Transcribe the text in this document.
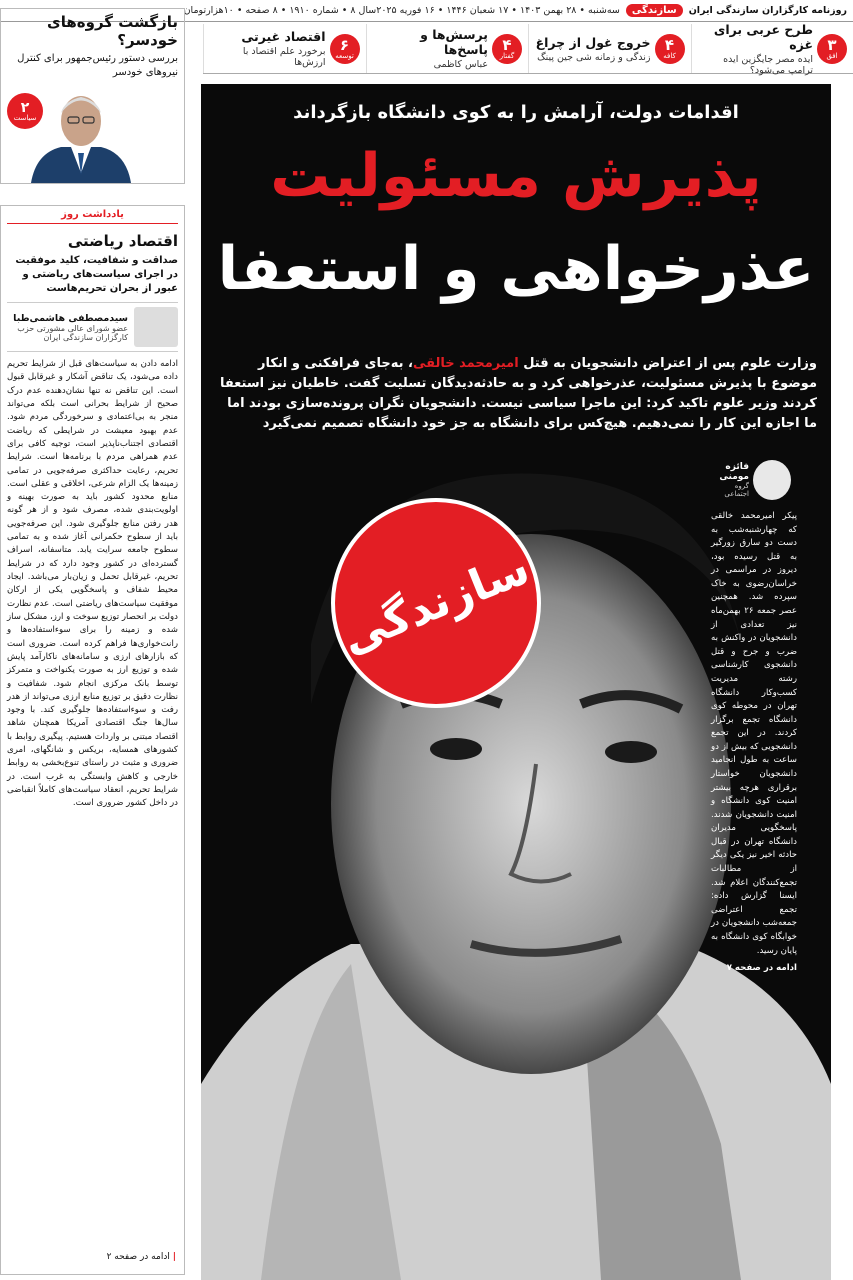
روزنامه کارگزاران سازندگی ایران
سازندگی
سه‌شنبه • ۲۸ بهمن ۱۴۰۳ • ۱۷ شعبان ۱۴۴۶ • ۱۶ فوریه ۲۰۲۵
سال ۸ • شماره ۱۹۱۰ • ۸ صفحه • ۱۰هزارتومان
۳
افق
طرح عربی برای غزه
ایده مصر جایگزین ایده ترامپ می‌شود؟
۴
کافه
خروج غول از چراغ
زندگی و زمانه شی جین پینگ
۴
گفتار
پرسش‌ها و پاسخ‌ها
عباس کاظمی
۶
توسعه
اقتصاد غیرتی
برخورد علم اقتصاد با ارزش‌ها
بازگشت گروه‌های خودسر؟

بررسی دستور رئیس‌جمهور برای کنترل نیروهای خودسر

۲
سیاست
یادداشت روز
اقتصاد ریاضتی
صداقت و شفافیت، کلید موفقیت در اجرای سیاست‌های ریاضتی و عبور از بحران تحریم‌هاست
سیدمصطفی هاشمی‌طبا
عضو شورای عالی مشورتی حزب کارگزاران سازندگی ایران
ادامه دادن به سیاست‌های قبل از شرایط تحریم داده می‌شود، یک تناقض آشکار و غیرقابل قبول است. این تناقض نه تنها نشان‌دهنده عدم درک صحیح از شرایط بحرانی است بلکه می‌تواند منجر به بی‌اعتمادی و سرخوردگی مردم شود. عدم بهبود معیشت در شرایطی که ریاضت اقتصادی اجتناب‌ناپذیر است، توجیه کافی برای عدم همراهی مردم با برنامه‌ها است. شرایط تحریم، رعایت حداکثری صرفه‌جویی در تمامی زمینه‌ها یک الزام شرعی، اخلاقی و عقلی است. منابع محدود کشور باید به صورت بهینه و اولویت‌بندی شده، مصرف شود و از هر گونه هدر رفتن منابع جلوگیری شود. این صرفه‌جویی باید از سطوح حکمرانی آغاز شده و به تمامی سطوح جامعه سرایت یابد. متاسفانه، اسراف گسترده‌ای در کشور وجود دارد که در شرایط تحریم، غیرقابل تحمل و زیان‌بار می‌باشد. ایجاد محیط شفاف و پاسخگویی یکی از ارکان موفقیت سیاست‌های ریاضتی است. عدم نظارت دولت بر انحصار توزیع سوخت و ارز، مشکل ساز شده و زمینه را برای سوءاستفاده‌ها و رانت‌خواری‌ها فراهم کرده است. ضروری است که بازارهای ارزی و سامانه‌های ناکارآمد پایش شده و توزیع ارز به صورت یکنواخت و متمرکز توسط بانک مرکزی انجام شود. شفافیت و نظارت دقیق بر توزیع منابع ارزی می‌تواند از هدر رفت و سوءاستفاده‌ها جلوگیری کند. با وجود سال‌ها جنگ اقتصادی آمریکا همچنان شاهد اقتصاد مبتنی بر واردات هستیم. پیگیری روابط با کشورهای همسایه، بریکس و شانگهای، امری ضروری و مثبت در راستای تنوع‌بخشی به روابط خارجی و کاهش وابستگی به غرب است. در شرایط تحریم، انعقاد سیاست‌های کاملاً انقباضی در داخل کشور ضروری است.
| ادامه در صفحه ۲
اقدامات دولت، آرامش را به کوی دانشگاه بازگرداند
پذیرش مسئولیت
عذرخواهی و استعفا
وزارت علوم پس از اعتراض دانشجویان به قتل امیرمحمد خالقی، به‌جای فرافکنی و انکار موضوع با پذیرش مسئولیت، عذرخواهی کرد و به حادثه‌دیدگان تسلیت گفت. خاطیان نیز استعفا کردند وزیر علوم تاکید کرد: این ماجرا سیاسی نیست. دانشجویان نگران پرونده‌سازی بودند اما ما اجازه این کار را نمی‌دهیم. هیچ‌کس برای دانشگاه به جز خود دانشگاه تصمیم نمی‌گیرد
فائزه مومنی
گروه اجتماعی
پیکر امیرمحمد خالقی که چهارشنبه‌شب به دست دو سارق زورگیر به قتل رسیده بود، دیروز در مراسمی در خراسان‌رضوی به خاک سپرده شد. همچنین عصر جمعه ۲۶ بهمن‌ماه نیز تعدادی از دانشجویان در واکنش به ضرب و جرح و قتل دانشجوی کارشناسی رشته مدیریت کسب‌وکار دانشگاه تهران در محوطه کوی دانشگاه تجمع برگزار کردند. در این تجمع دانشجویی که بیش از دو ساعت به طول انجامید دانشجویان خواستار برقراری هرچه بیشتر امنیت کوی دانشگاه و امنیت دانشجویان شدند. پاسخگویی مدیران دانشگاه تهران در قبال حادثه اخیر نیز یکی دیگر از مطالبات تجمع‌کنندگان اعلام شد. ایسنا گزارش داده: تجمع اعتراضی جمعه‌شب دانشجویان در خوابگاه کوی دانشگاه به پایان رسید.
ادامه در صفحه ۷
سازندگی
